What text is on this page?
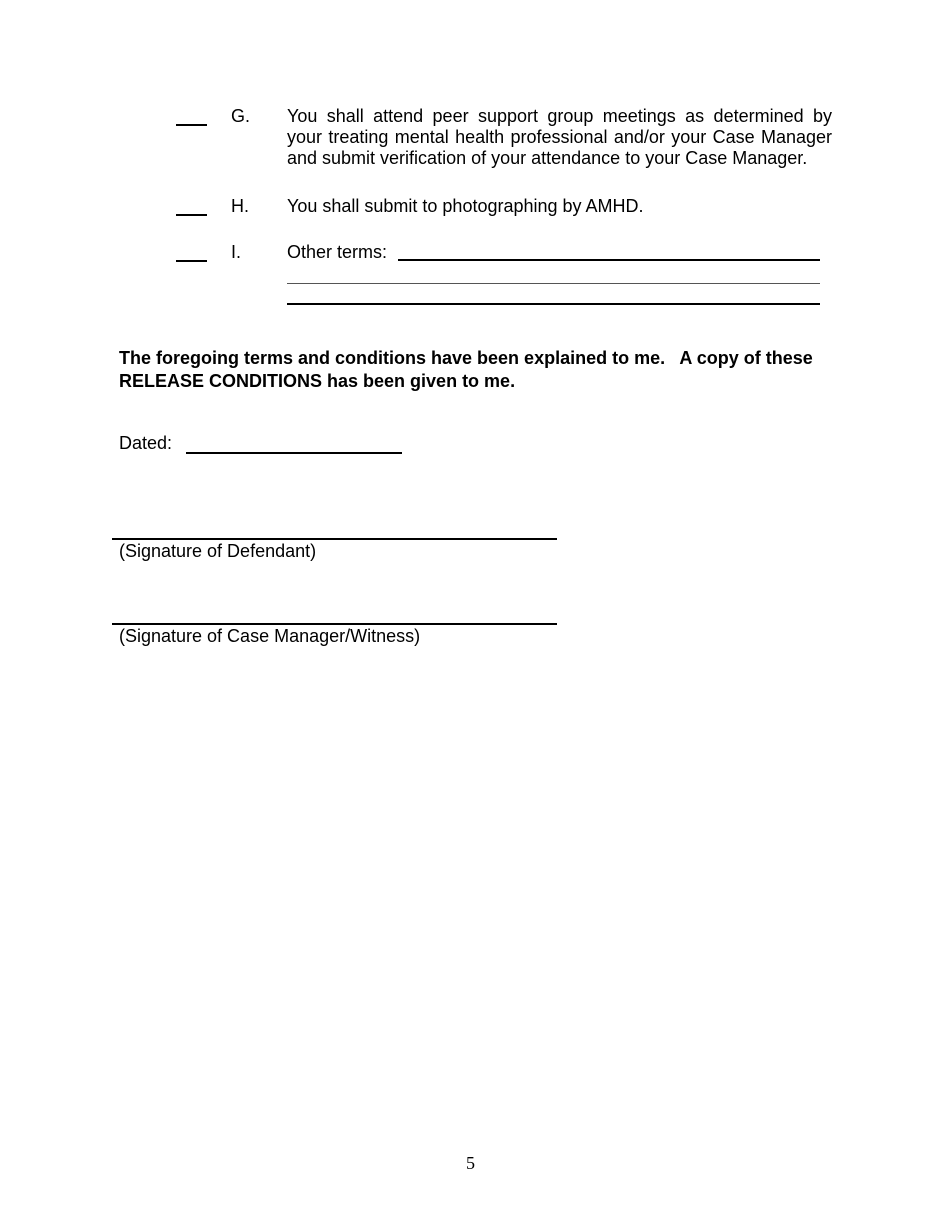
G. You shall attend peer support group meetings as determined by your treating mental health professional and/or your Case Manager and submit verification of your attendance to your Case Manager.
H. You shall submit to photographing by AMHD.
I.	Other terms:
The foregoing terms and conditions have been explained to me.   A copy of these RELEASE CONDITIONS has been given to me.
Dated:
(Signature of Defendant)
(Signature of Case Manager/Witness)
5
